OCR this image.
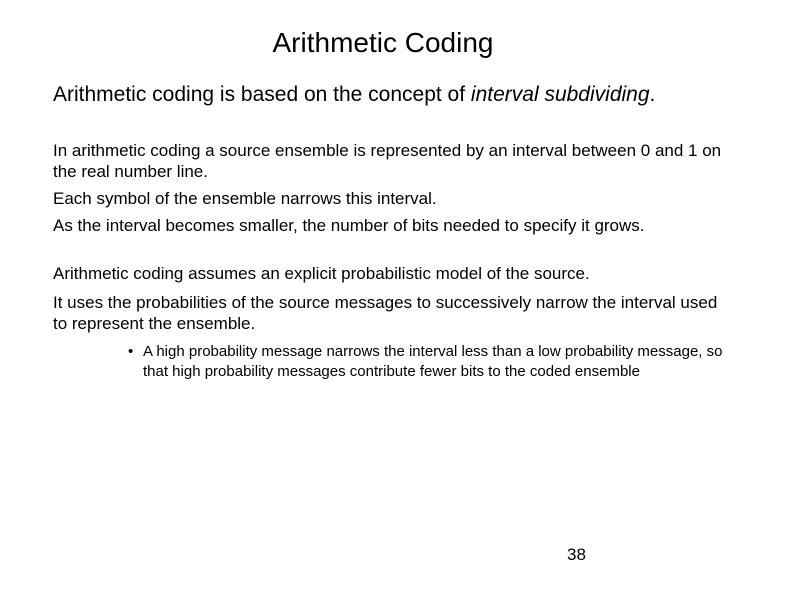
Arithmetic Coding

Arithmetic coding is based on the concept of interval subdividing.

In arithmetic coding a source ensemble is represented by an interval between 0 and 1 on the real number line.

Each symbol of the ensemble narrows this interval.

As the interval becomes smaller, the number of bits needed to specify it grows.

Arithmetic coding assumes an explicit probabilistic model of the source.

It uses the probabilities of the source messages to successively narrow the interval used to represent the ensemble.

• A high probability message narrows the interval less than a low probability message, so that high probability messages contribute fewer bits to the coded ensemble
38
